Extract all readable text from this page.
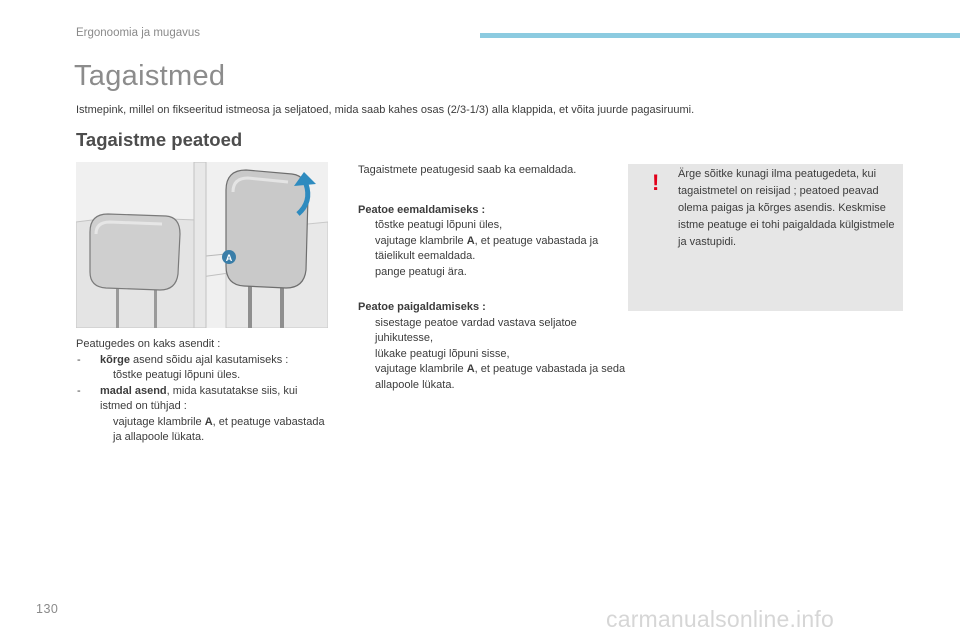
Ergonoomia ja mugavus
Tagaistmed
Istmepink, millel on fikseeritud istmeosa ja seljatoed, mida saab kahes osas (2/3-1/3) alla klappida, et võita juurde pagasiruumi.
Tagaistme peatoed
A

Peatugedes on kaks asendit :

-	kõrge asend sõidu ajal kasutamiseks :
tõstke peatugi lõpuni üles.
-	madal asend, mida kasutatakse siis, kui istmed on tühjad :
vajutage klambrile A, et peatuge vabastada ja allapoole lükata.

Tagaistmete peatugesid saab ka eemaldada.

Peatoe eemaldamiseks :

tõstke peatugi lõpuni üles,
vajutage klambrile A, et peatuge vabastada ja täielikult eemaldada.
pange peatugi ära.

Peatoe paigaldamiseks :

sisestage peatoe vardad vastava seljatoe juhikutesse,
lükake peatugi lõpuni sisse,
vajutage klambrile A, et peatuge vabastada ja seda allapoole lükata.
! Ärge sõitke kunagi ilma peatugedeta, kui tagaistmetel on reisijad ; peatoed peavad olema paigas ja kõrges asendis. Keskmise istme peatuge ei tohi paigaldada külgistmele ja vastupidi.
130	carmanualsonline.info
